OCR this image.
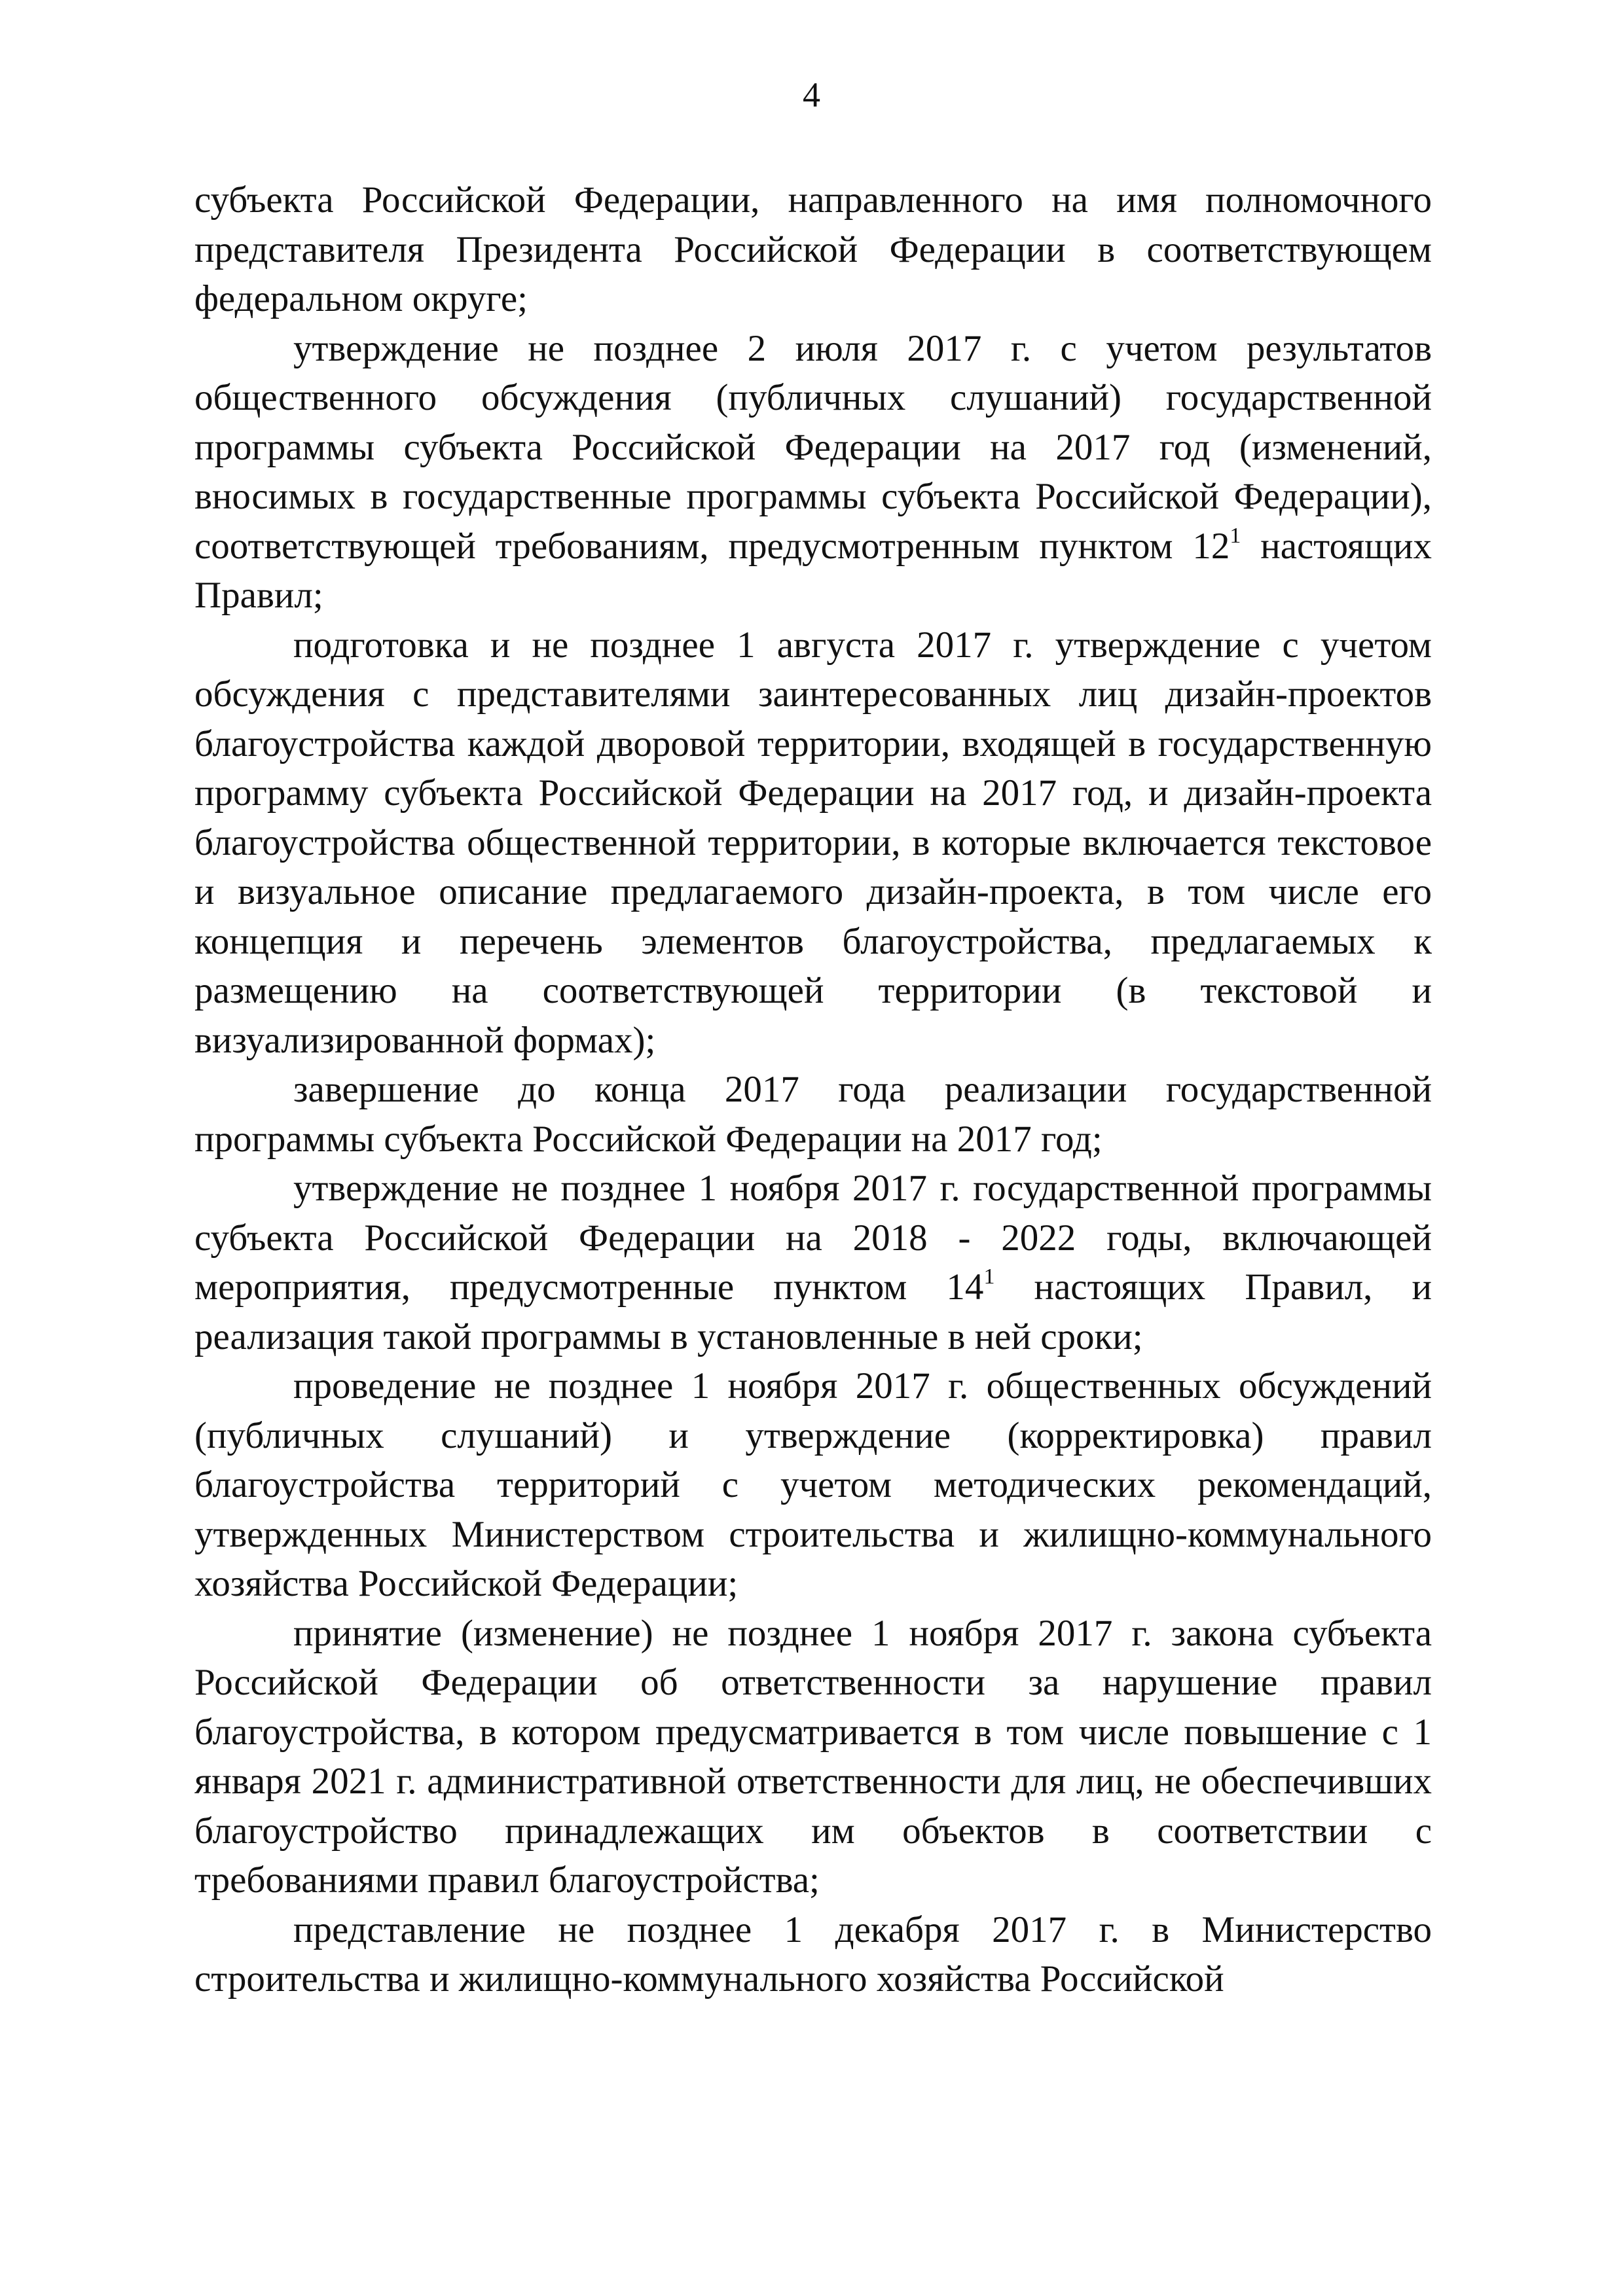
4

субъекта Российской Федерации, направленного на имя полномочного представителя Президента Российской Федерации в соответствующем федеральном округе;

утверждение не позднее 2 июля 2017 г. с учетом результатов общественного обсуждения (публичных слушаний) государственной программы субъекта Российской Федерации на 2017 год (изменений, вносимых в государственные программы субъекта Российской Федерации), соответствующей требованиям, предусмотренным пунктом $12^1$ настоящих Правил;

подготовка и не позднее 1 августа 2017 г. утверждение с учетом обсуждения с представителями заинтересованных лиц дизайн-проектов благоустройства каждой дворовой территории, входящей в государственную программу субъекта Российской Федерации на 2017 год, и дизайн-проекта благоустройства общественной территории, в которые включается текстовое и визуальное описание предлагаемого дизайн-проекта, в том числе его концепция и перечень элементов благоустройства, предлагаемых к размещению на соответствующей территории (в текстовой и визуализированной формах);

завершение до конца 2017 года реализации государственной программы субъекта Российской Федерации на 2017 год;

утверждение не позднее 1 ноября 2017 г. государственной программы субъекта Российской Федерации на 2018 - 2022 годы, включающей мероприятия, предусмотренные пунктом $14^1$ настоящих Правил, и реализация такой программы в установленные в ней сроки;

проведение не позднее 1 ноября 2017 г. общественных обсуждений (публичных слушаний) и утверждение (корректировка) правил благоустройства территорий с учетом методических рекомендаций, утвержденных Министерством строительства и жилищно-коммунального хозяйства Российской Федерации;

принятие (изменение) не позднее 1 ноября 2017 г. закона субъекта Российской Федерации об ответственности за нарушение правил благоустройства, в котором предусматривается в том числе повышение с 1 января 2021 г. административной ответственности для лиц, не обеспечивших благоустройство принадлежащих им объектов в соответствии с требованиями правил благоустройства;

представление не позднее 1 декабря 2017 г. в Министерство строительства и жилищно-коммунального хозяйства Российской
